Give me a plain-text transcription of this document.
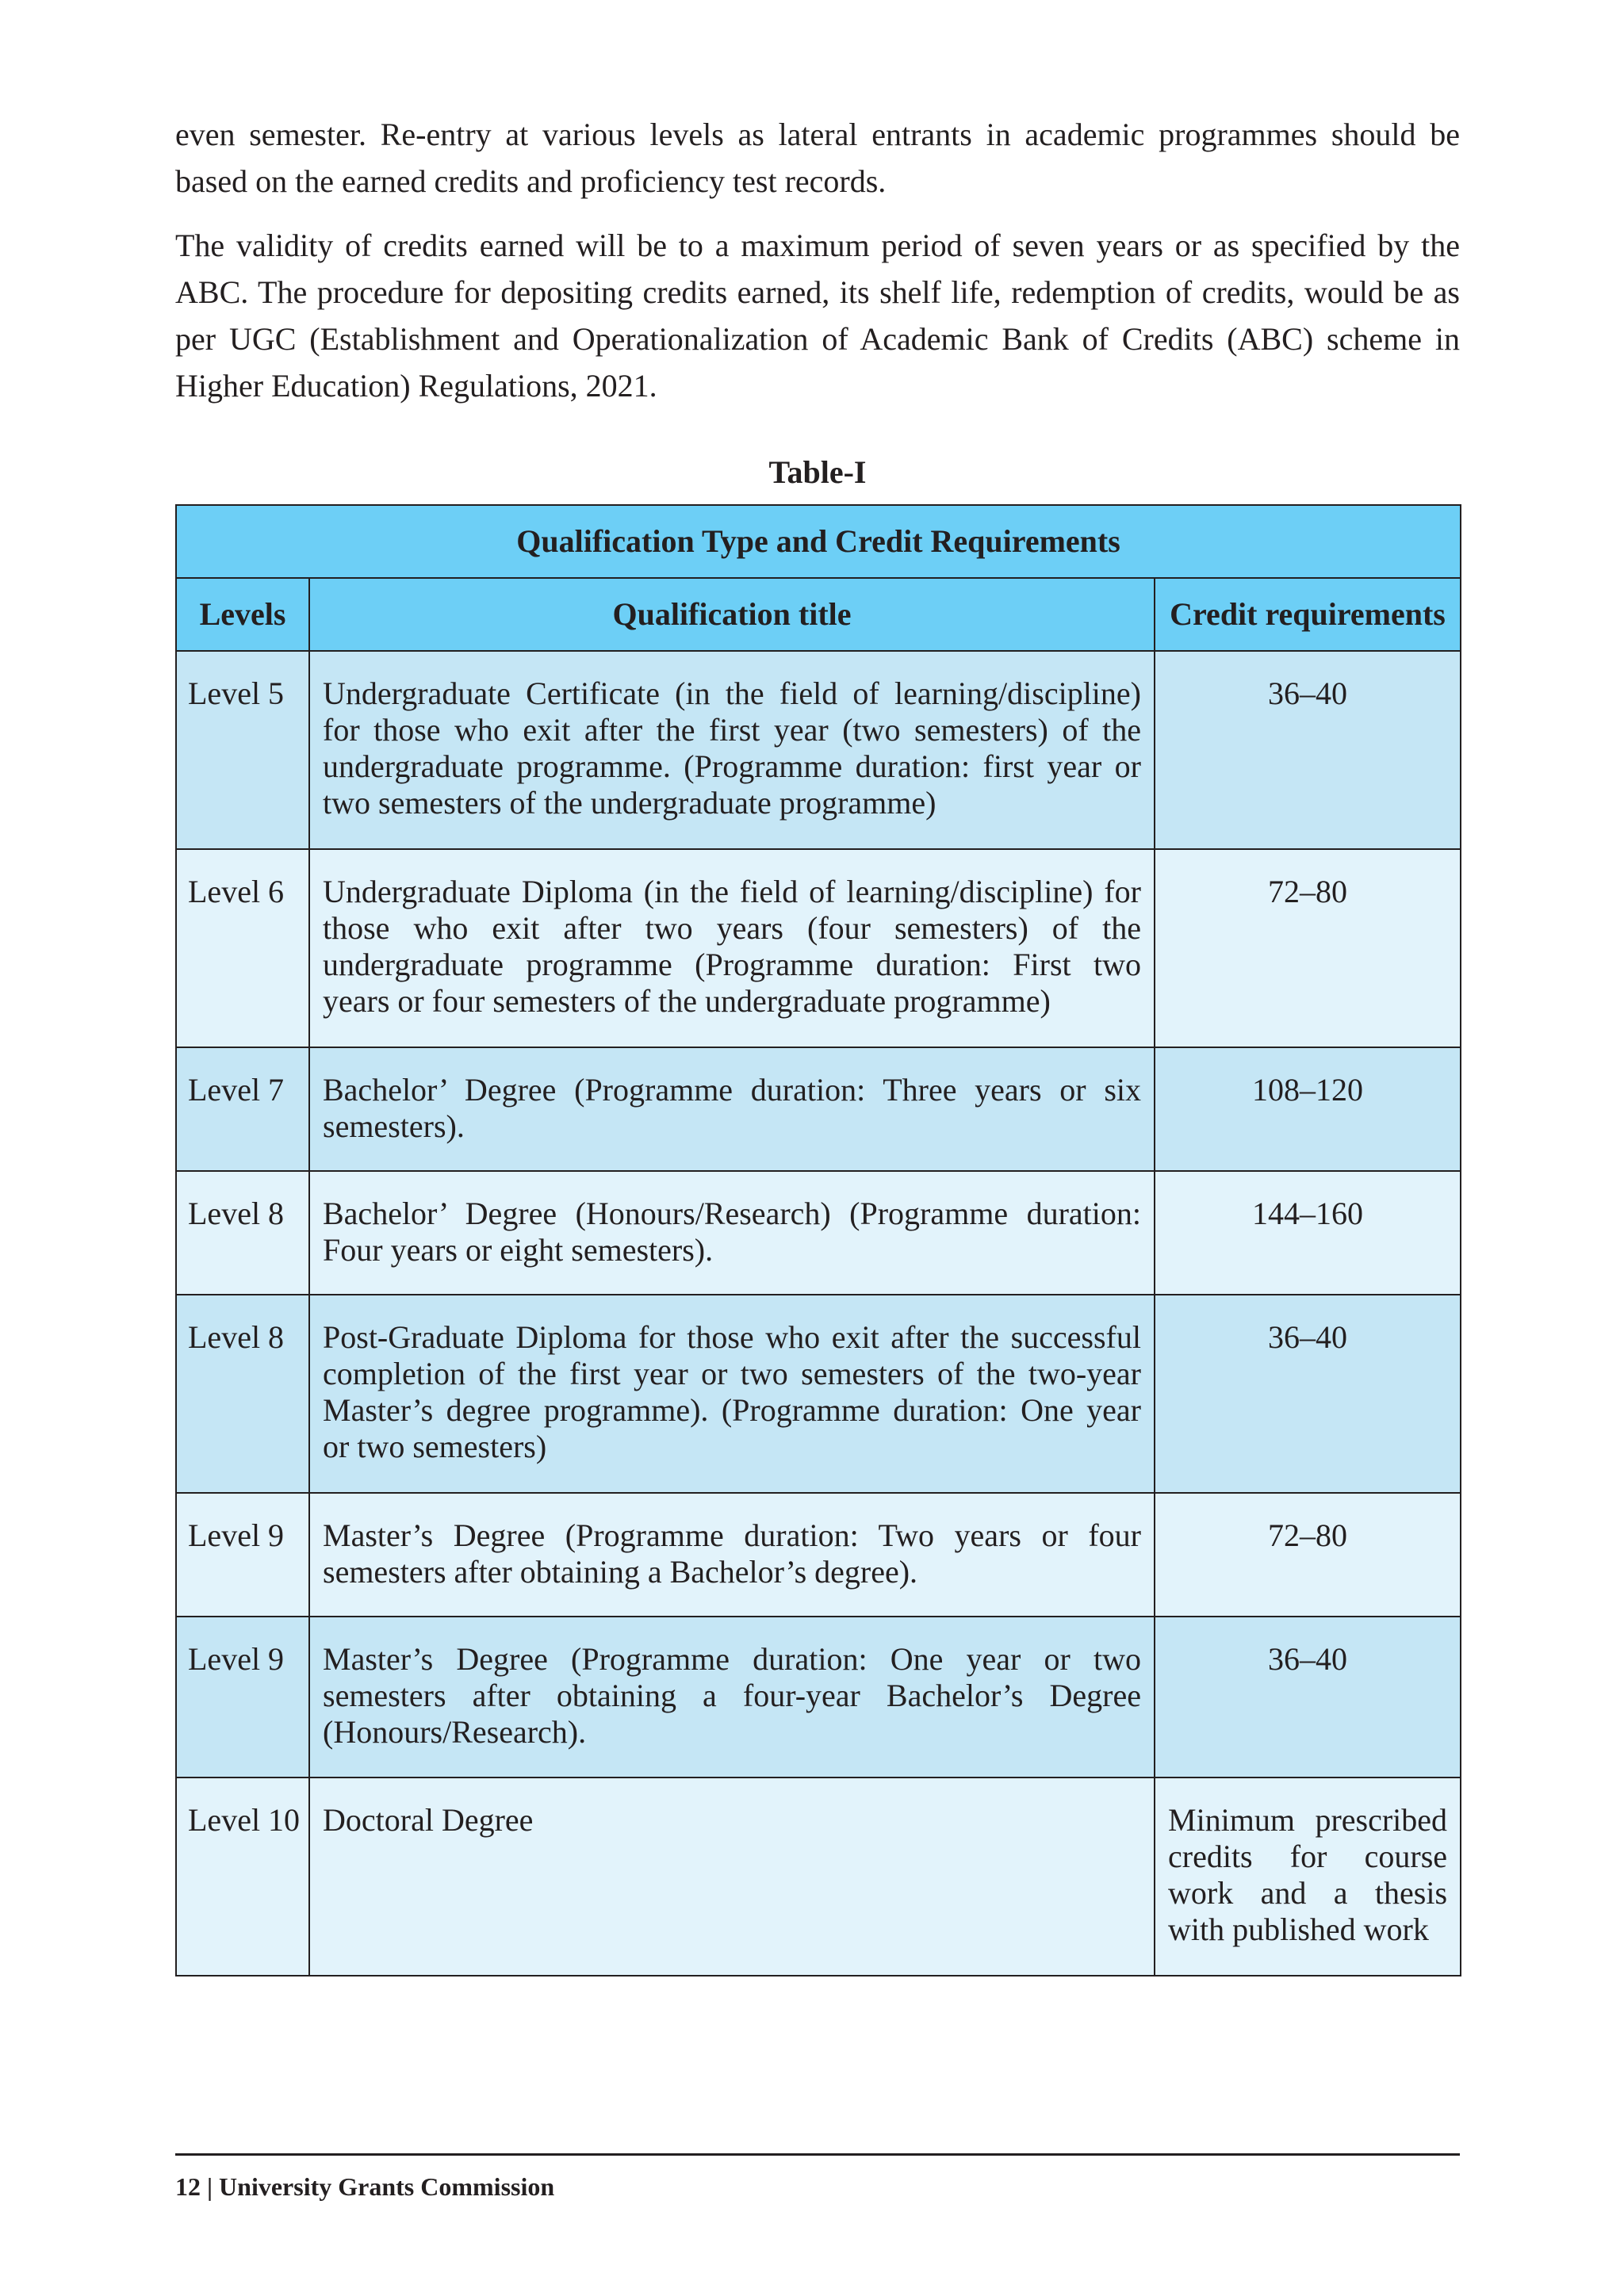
even semester. Re-entry at various levels as lateral entrants in academic programmes should be based on the earned credits and proficiency test records.

The validity of credits earned will be to a maximum period of seven years or as specified by the ABC. The procedure for depositing credits earned, its shelf life, redemption of credits, would be as per UGC (Establishment and Operationalization of Academic Bank of Credits (ABC) scheme in Higher Education) Regulations, 2021.

Table-I
Qualification Type and Credit Requirements		
Levels	Qualification title	Credit requirements

Level 5	Undergraduate Certificate (in the field of learning/discipline) for those who exit after the first year (two semesters) of the undergraduate programme. (Programme duration: first year or two semesters of the undergraduate programme)	36–40

Level 6	Undergraduate Diploma (in the field of learning/discipline) for those who exit after two years (four semesters) of the undergraduate programme (Programme duration: First two years or four semesters of the undergraduate programme)	72–80

Level 7	Bachelor’ Degree (Programme duration: Three years or six semesters).	108–120

Level 8	Bachelor’ Degree (Honours/Research) (Programme duration: Four years or eight semesters).	144–160

Level 8	Post-Graduate Diploma for those who exit after the successful completion of the first year or two semesters of the two-year Master’s degree programme). (Programme duration: One year or two semesters)	36–40

Level 9	Master’s Degree (Programme duration: Two years or four semesters after obtaining a Bachelor’s degree).	72–80

Level 9	Master’s Degree (Programme duration: One year or two semesters after obtaining a four-year Bachelor’s Degree (Honours/Research).	36–40

Level 10	Doctoral Degree	Minimum prescribed credits for course work and a thesis with published work
12 | University Grants Commission
